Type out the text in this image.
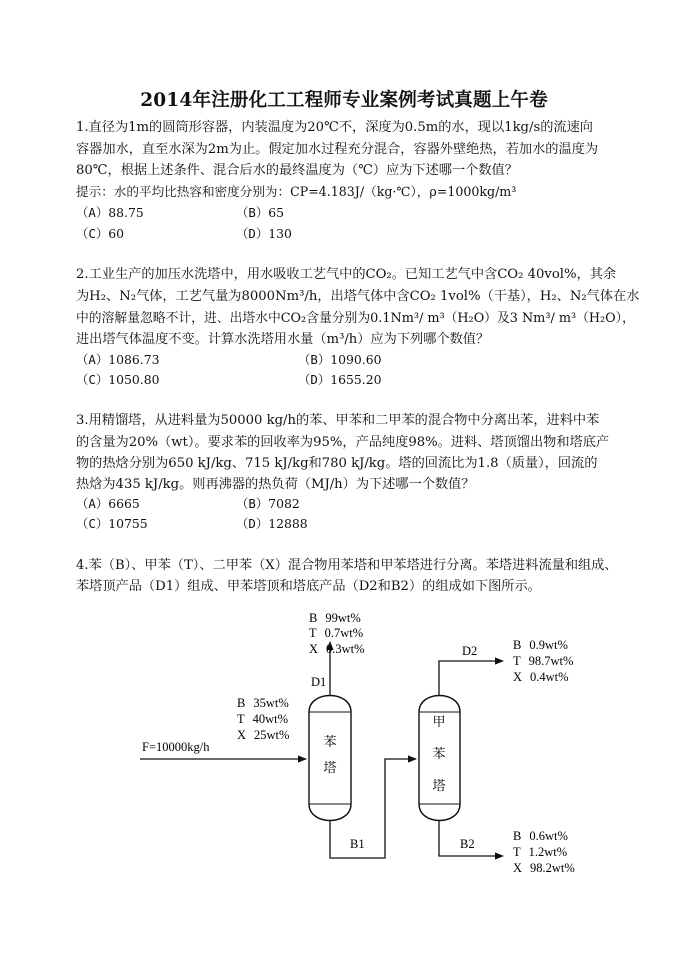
2014年注册化工工程师专业案例考试真题上午卷
1.直径为1m的圆筒形容器，内装温度为20℃不，深度为0.5m的水，现以1kg/s的流速向
容器加水，直至水深为2m为止。假定加水过程充分混合，容器外壁绝热，若加水的温度为
80℃，根据上述条件、混合后水的最终温度为（℃）应为下述哪一个数值？
提示：水的平均比热容和密度分别为：CP=4.183J/（kg·℃），ρ=1000kg/m³
（A）88.75	（B）65
（C）60	（D）130
2.工业生产的加压水洗塔中，用水吸收工艺气中的CO₂。已知工艺气中含CO₂ 40vol%，其余
为H₂、N₂气体，工艺气量为8000Nm³/h，出塔气体中含CO₂ 1vol%（干基），H₂、N₂气体在水
中的溶解量忽略不计，进、出塔水中CO₂含量分别为0.1Nm³/ m³（H₂O）及3 Nm³/ m³（H₂O），
进出塔气体温度不变。计算水洗塔用水量（m³/h）应为下列哪个数值？
（A）1086.73	（B）1090.60
（C）1050.80	（D）1655.20
3.用精馏塔，从进料量为50000 kg/h的苯、甲苯和二甲苯的混合物中分离出苯，进料中苯
的含量为20%（wt）。要求苯的回收率为95%，产品纯度98%。进料、塔顶馏出物和塔底产
物的热焓分别为650 kJ/kg、715 kJ/kg和780 kJ/kg。塔的回流比为1.8（质量），回流的
热焓为435 kJ/kg。则再沸器的热负荷（MJ/h）为下述哪一个数值？
（A）6665	（B）7082
（C）10755	（D）12888
4.苯（B）、甲苯（T）、二甲苯（X）混合物用苯塔和甲苯塔进行分离。苯塔进料流量和组成、
苯塔顶产品（D1）组成、甲苯塔顶和塔底产品（D2和B2）的组成如下图所示。
F=10000kg/h
B 35wt%
T 40wt%
X 25wt%	苯塔
D1
B 99wt%
T 0.7wt%
X 0.3wt%
B1
甲苯塔
D2	B 0.9wt%
T 98.7wt%
X 0.4wt%
B2
B 0.6wt%
T 1.2wt%
X 98.2wt%
